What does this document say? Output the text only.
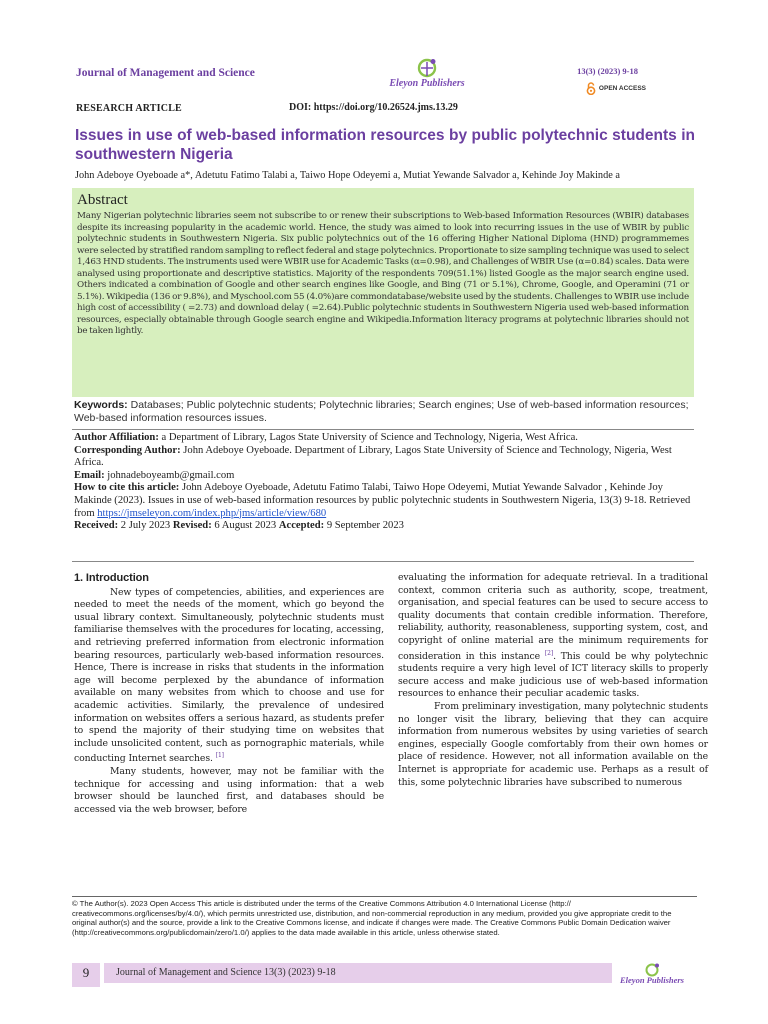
Journal of Management and Science
Eleyon Publishers
13(3) (2023) 9-18
OPEN ACCESS
RESEARCH ARTICLE	DOI: https://doi.org/10.26524.jms.13.29
Issues in use of web-based information resources by public polytechnic students in southwestern Nigeria
John Adeboye Oyeboade a*, Adetutu Fatimo Talabi a, Taiwo Hope Odeyemi a, Mutiat Yewande Salvador a, Kehinde Joy Makinde a
Abstract
Many Nigerian polytechnic libraries seem not subscribe to or renew their subscriptions to Web-based Information Resources (WBIR) databases despite its increasing popularity in the academic world. Hence, the study was aimed to look into recurring issues in the use of WBIR by public polytechnic students in Southwestern Nigeria. Six public polytechnics out of the 16 offering Higher National Diploma (HND) programmemes were selected by stratified random sampling to reflect federal and stage polytechnics. Proportionate to size sampling technique was used to select 1,463 HND students. The instruments used were WBIR use for Academic Tasks (α=0.98), and Challenges of WBIR Use (α=0.84) scales. Data were analysed using proportionate and descriptive statistics. Majority of the respondents 709(51.1%) listed Google as the major search engine used. Others indicated a combination of Google and other search engines like Google, and Bing (71 or 5.1%), Chrome, Google, and Operamini (71 or 5.1%). Wikipedia (136 or 9.8%), and Myschool.com 55 (4.0%)are commondatabase/website used by the students. Challenges to WBIR use include high cost of accessibility ( =2.73) and download delay ( =2.64).Public polytechnic students in Southwestern Nigeria used web-based information resources, especially obtainable through Google search engine and Wikipedia.Information literacy programs at polytechnic libraries should not be taken lightly.
Keywords: Databases; Public polytechnic students; Polytechnic libraries; Search engines; Use of web-based information resources; Web-based information resources issues.

Author Affiliation: a Department of Library, Lagos State University of Science and Technology, Nigeria, West Africa.

Corresponding Author: John Adeboye Oyeboade. Department of Library, Lagos State University of Science and Technology, Nigeria, West Africa.

Email: johnadeboyeamb@gmail.com

How to cite this article: John Adeboye Oyeboade, Adetutu Fatimo Talabi, Taiwo Hope Odeyemi, Mutiat Yewande Salvador , Kehinde Joy Makinde (2023). Issues in use of web-based information resources by public polytechnic students in Southwestern Nigeria, 13(3) 9-18. Retrieved from https://jmseleyon.com/index.php/jms/article/view/680

Received: 2 July 2023 Revised: 6 August 2023 Accepted: 9 September 2023

1. Introduction

New types of competencies, abilities, and experiences are needed to meet the needs of the moment, which go beyond the usual library context. Simultaneously, polytechnic students must familiarise themselves with the procedures for locating, accessing, and retrieving preferred information from electronic information bearing resources, particularly web-based information resources. Hence, There is increase in risks that students in the information age will become perplexed by the abundance of information available on many websites from which to choose and use for academic activities. Similarly, the prevalence of undesired information on websites offers a serious hazard, as students prefer to spend the majority of their studying time on websites that include unsolicited content, such as pornographic materials, while conducting Internet searches. [1]

Many students, however, may not be familiar with the technique for accessing and using information: that a web browser should be launched first, and databases should be accessed via the web browser, before

evaluating the information for adequate retrieval. In a traditional context, common criteria such as authority, scope, treatment, organisation, and special features can be used to secure access to quality documents that contain credible information. Therefore, reliability, authority, reasonableness, supporting system, cost, and copyright of online material are the minimum requirements for consideration in this instance [2]. This could be why polytechnic students require a very high level of ICT literacy skills to properly secure access and make judicious use of web-based information resources to enhance their peculiar academic tasks.

From preliminary investigation, many polytechnic students no longer visit the library, believing that they can acquire information from numerous websites by using varieties of search engines, especially Google comfortably from their own homes or place of residence. However, not all information available on the Internet is appropriate for academic use. Perhaps as a result of this, some polytechnic libraries have subscribed to numerous

© The Author(s). 2023 Open Access This article is distributed under the terms of the Creative Commons Attribution 4.0 International License (http:// creativecommons.org/licenses/by/4.0/), which permits unrestricted use, distribution, and non-commercial reproduction in any medium, provided you give appropriate credit to the original author(s) and the source, provide a link to the Creative Commons license, and indicate if changes were made. The Creative Commons Public Domain Dedication waiver (http://creativecommons.org/publicdomain/zero/1.0/) applies to the data made available in this article, unless otherwise stated.
9	Journal of Management and Science 13(3) (2023) 9-18
Eleyon Publishers
